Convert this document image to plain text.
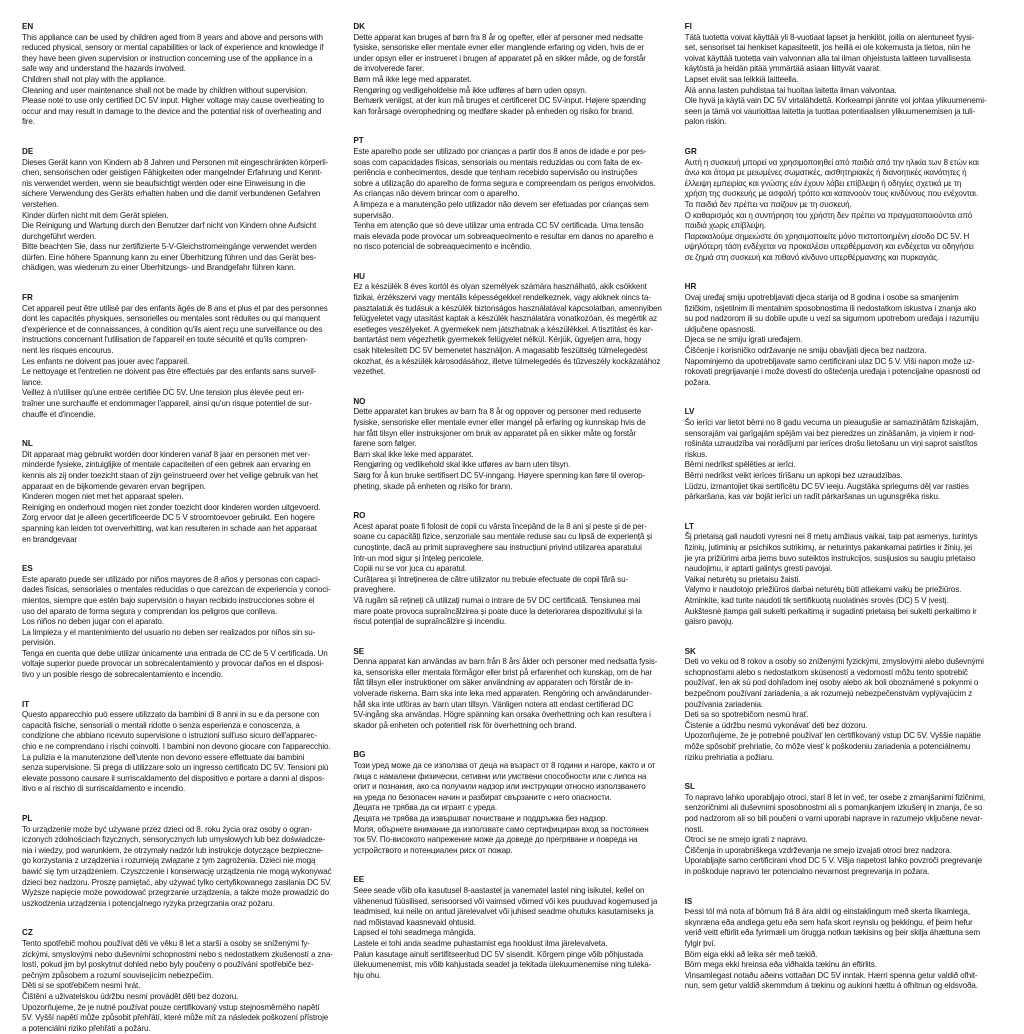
EN
This appliance can be used by children aged from 8 years and above and persons with
reduced physical, sensory or mental capabilities or lack of experience and knowledge if
they have been given supervision or instruction concerning use of the appliance in a
safe way and understand the hazards involved.
Children shall not play with the appliance.
Cleaning and user maintenance shall not be made by children without supervision.
Please note to use only certified DC 5V input. Higher voltage may cause overheating to
occur and may result in damage to the device and the potential risk of overheating and
fire.
DE
Dieses Gerät kann von Kindern ab 8 Jahren und Personen mit eingeschränkten körperli-
chen, sensorischen oder geistigen Fähigkeiten oder mangelnder Erfahrung und Kennt-
nis verwendet werden, wenn sie beaufsichtigt werden oder eine Einweisung in die
sichere Verwendung des Geräts erhalten haben und die damit verbundenen Gefahren
verstehen.
Kinder dürfen nicht mit dem Gerät spielen.
Die Reinigung und Wartung durch den Benutzer darf nicht von Kindern ohne Aufsicht
durchgeführt werden.
Bitte beachten Sie, dass nur zertifizierte 5-V-Gleichstromeingänge verwendet werden
dürfen. Eine höhere Spannung kann zu einer Überhitzung führen und das Gerät bes-
chädigen, was wiederum zu einer Überhitzungs- und Brandgefahr führen kann.
FR
Cet appareil peut être utilisé par des enfants âgés de 8 ans et plus et par des personnes
dont les capacités physiques, sensorielles ou mentales sont réduites ou qui manquent
d'expérience et de connaissances, à condition qu'ils aient reçu une surveillance ou des
instructions concernant l'utilisation de l'appareil en toute sécurité et qu'ils compren-
nent les risques encourus.
Les enfants ne doivent pas jouer avec l'appareil.
Le nettoyage et l'entretien ne doivent pas être effectués par des enfants sans surveil-
lance.
Veillez à n'utiliser qu'une entrée certifiée DC 5V. Une tension plus élevée peut en-
traîner une surchauffe et endommager l'appareil, ainsi qu'un risque potentiel de sur-
chauffe et d'incendie.
NL
Dit apparaat mag gebruikt worden door kinderen vanaf 8 jaar en personen met ver-
minderde fysieke, zintuiglijke of mentale capaciteiten of een gebrek aan ervaring en
kennis als zij onder toezicht staan of zijn geïnstrueerd over het veilige gebruik van het
apparaat en de bijkomende gevaren ervan begrijpen.
Kinderen mogen niet met het apparaat spelen.
Reiniging en onderhoud mogen niet zonder toezicht door kinderen worden uitgevoerd.
Zorg ervoor dat je alleen gecertificeerde DC 5 V stroomtoevoer gebruikt. Een hogere
spanning kan leiden tot oververhitting, wat kan resulteren in schade aan het apparaat
en brandgevaar
ES
Este aparato puede ser utilizado por niños mayores de 8 años y personas con capaci-
dades físicas, sensoriales o mentales reducidas o que carezcan de experiencia y conoci-
mientos, siempre que estén bajo supervisión o hayan recibido instrucciones sobre el
uso del aparato de forma segura y comprendan los peligros que conlleva.
Los niños no deben jugar con el aparato.
La limpieza y el mantenimiento del usuario no deben ser realizados por niños sin su-
pervisión.
Tenga en cuenta que debe utilizar únicamente una entrada de CC de 5 V certificada. Un
voltaje superior puede provocar un sobrecalentamiento y provocar daños en el disposi-
tivo y un posible riesgo de sobrecalentamiento e incendio.
IT
Questo apparecchio può essere utilizzato da bambini di 8 anni in su e da persone con
capacità fisiche, sensoriali o mentali ridotte o senza esperienza e conoscenza, a
condizione che abbiano ricevuto supervisione o istruzioni sull'uso sicuro dell'apparec-
chio e ne comprendano i rischi coinvolti. I bambini non devono giocare con l'apparecchio.
La pulizia e la manutenzione dell'utente non devono essere effettuate dai bambini
senza supervisione. Si prega di utilizzare solo un ingresso certificato DC 5V. Tensioni più
elevate possono causare il surriscaldamento del dispositivo e portare a danni al dispos-
itivo e al rischio di surriscaldamento e incendio.
PL
To urządzenie może być używane przez dzieci od 8. roku życia oraz osoby o ogran-
iczonych zdolnościach fizycznych, sensorycznych lub umysłowych lub bez doświadcze-
nia i wiedzy, pod warunkiem, że otrzymały nadzór lub instrukcje dotyczące bezpieczne-
go korzystania z urządzenia i rozumieją związane z tym zagrożenia. Dzieci nie mogą
bawić się tym urządzeniem. Czyszczenie i konserwację urządzenia nie mogą wykonywać
dzieci bez nadzoru. Proszę pamiętać, aby używać tylko certyfikowanego zasilania DC 5V.
Wyższe napięcie może powodować przegrzanie urządzenia, a także może prowadzić do
uszkodzenia urządzenia i potencjalnego ryzyka przegrzania oraz pożaru.
CZ
Tento spotřebič mohou používat děti ve věku 8 let a starší a osoby se sníženými fy-
zickými, smyslovými nebo duševními schopnostmi nebo s nedostatkem zkušeností a zna-
lostí, pokud jim byl poskytnut dohled nebo byly poučeny o používání spotřebiče bez-
pečným způsobem a rozumí souvisejícím nebezpečím.
Děti si se spotřebičem nesmí hrát.
Čištění a uživatelskou údržbu nesmí provádět děti bez dozoru.
Upozorňujeme, že je nutné používat pouze certifikovaný vstup stejnosměrného napětí
5V. Vyšší napětí může způsobit přehřátí, které může mít za následek poškození přístroje
a potenciální riziko přehřátí a požáru.
DK
Dette apparat kan bruges af børn fra 8 år og opefter, eller af personer med nedsatte
fysiske, sensoriske eller mentale evner eller manglende erfaring og viden, hvis de er
under opsyn eller er instrueret i brugen af apparatet på en sikker måde, og de forstår
de involverede farer.
Børn må ikke lege med apparatet.
Rengøring og vedligeholdelse må ikke udføres af børn uden opsyn.
Bemærk venligst, at der kun må bruges et certificeret DC 5V-input. Højere spænding
kan forårsage overophedning og medføre skader på enheden og risiko for brand.
PT
Este aparelho pode ser utilizado por crianças a partir dos 8 anos de idade e por pes-
soas com capacidades físicas, sensoriais ou mentais reduzidas ou com falta de ex-
periência e conhecimentos, desde que tenham recebido supervisão ou instruções
sobre a utilização do aparelho de forma segura e compreendam os perigos envolvidos.
As crianças não devem brincar com o aparelho.
A limpeza e a manutenção pelo utilizador não devem ser efetuadas por crianças sem
supervisão.
Tenha em atenção que só deve utilizar uma entrada CC 5V certificada. Uma tensão
mais elevada pode provocar um sobreaquecimento e resultar em danos no aparelho e
no risco potencial de sobreaquecimento e incêndio.
HU
Ez a készülék 8 éves kortól és olyan személyek számára használható, akik csökkent
fizikai, érzékszervi vagy mentális képességekkel rendelkeznek, vagy akiknek nincs ta-
pasztalatuk és tudásuk a készülék biztonságos használatával kapcsolatban, amennyiben
felügyeletet vagy utasítást kaptak a készülék használatára vonatkozóan, és megértik az
esetleges veszélyeket. A gyermekek nem játszhatnak a készülékkel. A tisztítást és kar-
bantartást nem végezhetik gyermekek felügyelet nélkül. Kérjük, ügyeljen arra, hogy
csak hitelesített DC 5V bemenetet használjon. A magasabb feszültség túlmelegedést
okozhat, és a készülék károsodásához, illetve túlmelegedés és tűzveszély kockázatához
vezethet.
NO
Dette apparatet kan brukes av barn fra 8 år og oppover og personer med reduserte
fysiske, sensoriske eller mentale evner eller mangel på erfaring og kunnskap hvis de
har fått tilsyn eller instruksjoner om bruk av apparatet på en sikker måte og forstår
farene som følger.
Barn skal ikke leke med apparatet.
Rengjøring og vedlikehold skal ikke utføres av barn uten tilsyn.
Sørg for å kun bruke sertifisert DC 5V-inngang. Høyere spenning kan føre til overop-
pheting, skade på enheten og risiko for brann.
RO
Acest aparat poate fi folosit de copii cu vârsta începând de la 8 ani și peste și de per-
soane cu capacități fizice, senzoriale sau mentale reduse sau cu lipsă de experiență și
cunoștințe, dacă au primit supraveghere sau instrucțiuni privind utilizarea aparatului
într-un mod sigur și înțeleg pericolele.
Copiii nu se vor juca cu aparatul.
Curățarea și întreținerea de către utilizator nu trebuie efectuate de copii fără su-
praveghere.
Vă rugăm să rețineți că utilizați numai o intrare de 5V DC certificată. Tensiunea mai
mare poate provoca supraîncălzirea și poate duce la deteriorarea dispozitivului și la
riscul potențial de supraîncălzire și incendiu.
SE
Denna apparat kan användas av barn från 8 års ålder och personer med nedsatta fysis-
ka, sensoriska eller mentala förmågor eller brist på erfarenhet och kunskap, om de har
fått tillsyn eller instruktioner om säker användning av apparaten och förstår de in-
volverade riskerna. Barn ska inte leka med apparaten. Rengöring och användarunder-
håll ska inte utföras av barn utan tillsyn. Vänligen notera att endast certifierad DC
5V-ingång ska användas. Högre spänning kan orsaka överhettning och kan resultera i
skador på enheten och potentiell risk för överhettning och brand.
BG
Този уред може да се използва от деца на възраст от 8 години и нагоре, както и от
лица с намалени физически, сетивни или умствени способности или с липса на
опит и познания, ако са получили надзор или инструкции относно използването
на уреда по безопасен начин и разбират свързаните с него опасности.
Децата не трябва да си играят с уреда.
Децата не трябва да извършват почистване и поддръжка без надзор.
Моля, обърнете внимание да използвате само сертифициран вход за постоянен
ток 5V. По-високото напрежение може да доведе до прегряване и повреда на
устройството и потенциален риск от пожар.
EE
Seee seade võib olla kasutusel 8-aastastel ja vanematel lastel ning isikutel, kellel on
vähenenud füüsilised, sensoorsed või vaimsed võimed või kes puuduvad kogemused ja
teadmised, kui neile on antud järelevalvet või juhised seadme ohutuks kasutamiseks ja
nad mõistavad kaasnevaid ohtusid.
Lapsed ei tohi seadmega mängida.
Lastele ei tohi anda seadme puhastamist ega hooldust ilma järelevalveta.
Palun kasutage ainult sertifitseeritud DC 5V sisendit. Kõrgem pinge võib põhjustada
ülekuumenemist, mis võib kahjustada seadet ja tekitada ülekuumenemise ning tuleka-
hju ohu.
FI
Tätä tuotetta voivat käyttää yli 8-vuotiaat lapset ja henkilöt, joilla on alentuneet fyysi-
set, sensoriset tai henkiset kapasiteetit, jos heillä ei ole kokemusta ja tietoa, niin he
voivat käyttää tuotetta vain valvonnan alla tai ilman ohjeistusta laitteen turvallisesta
käytöstä ja heidän pitää ymmärtää asiaan liittyvät vaarat.
Lapset eivät saa leikkiä laitteella.
Älä anna lasten puhdistaa tai huoltaa laitetta ilman valvontaa.
Ole hyvä ja käytä vain DC 5V virtalähdettä. Korkeampi jännite voi johtaa ylikuumenemi-
seen ja tämä voi vaurioittaa laitetta ja tuottaa potentiaalisen ylikuumenemisen ja tuli-
palon riskin.
GR
Αυτή η συσκευή μπορεί να χρησιμοποιηθεί από παιδιά από την ηλικία των 8 ετών και
άνω και άτομα με μειωμένες σωματικές, αισθητηριακές ή διανοητικές ικανότητες ή
έλλειψη εμπειρίας και γνώσης εάν έχουν λάβει επίβλεψη ή οδηγίες σχετικά με τη
χρήση της συσκευής με ασφαλή τρόπο και κατανοούν τους κινδύνους που ενέχονται.
Τα παιδιά δεν πρέπει να παίζουν με τη συσκευή.
Ο καθαρισμός και η συντήρηση του χρήστη δεν πρέπει να πραγματοποιούνται από
παιδιά χωρίς επίβλεψη.
Παρακαλούμε σημειώστε ότι χρησιμοποιείτε μόνο πιστοποιημένη είσοδο DC 5V. Η
υψηλότερη τάση ενδέχεται να προκαλέσει υπερθέρμανση και ενδέχεται να οδηγήσει
σε ζημιά στη συσκευή και πιθανό κίνδυνο υπερθέρμανσης και πυρκαγιάς.
HR
Ovaj uređaj smiju upotrebljavati djeca starija od 8 godina i osobe sa smanjenim
fizičkim, osjetilnim ili mentalnim sposobnostima ili nedostatkom iskustva i znanja ako
su pod nadzorom ili su dobile upute u vezi sa sigurnom upotrebom uređaja i razumiju
uključene opasnosti.
Djeca se ne smiju igrati uređajem.
Čišćenje i korisničko održavanje ne smiju obavljati djeca bez nadzora.
Napominjemo da upotrebljavate samo certificirani ulaz DC 5 V. Viši napon može uz-
rokovati pregrijavanje i može dovesti do oštećenja uređaja i potencijalne opasnosti od
požara.
LV
Šo ierīci var lietot bērni no 8 gadu vecuma un pieaugušie ar samazinātām fiziskajām,
sensorajām vai garīgajām spējām vai bez pieredzes un zināšanām, ja viņiem ir nod-
rošināta uzraudzība vai norādījumi par ierīces drošu lietošanu un viņi saprot saistītos
riskus.
Bērni nedrīkst spēlēties ar ierīci.
Bērni nedrīkst veikt ierīces tīrīšanu un apkopi bez uzraudzības.
Lūdzu, izmantojiet tikai sertificētu DC 5V ieeju. Augstāka spriegums dēļ var rasties
pārkaršana, kas var bojāt ierīci un radīt pārkaršanas un ugunsgrēka risku.
LT
Šį prietaisą gali naudoti vyresni nei 8 metų amžiaus vaikai, taip pat asmenys, turintys
fizinių, jutiminių ar psichikos sutrikimų, ar neturintys pakankamai patirties ir žinių, jei
jie yra prižiūrimi arba jiems buvo suteiktos instrukcijos, susijusios su saugiu prietaiso
naudojimu, ir aptarti galintys gresti pavojai.
Vaikai neturėtų su prietaisu žaisti.
Valymo ir naudotojo priežiūros darbai neturėtų būti atliekami vaikų be priežiūros.
Atminkite, kad turite naudoti tik sertifikuotą nuolatinės srovės (DC) 5 V įvestį.
Aukštesnė įtampa gali sukelti perkaitimą ir sugadinti prietaisą bei sukelti perkaitimo ir
gaisro pavojų.
SK
Deti vo veku od 8 rokov a osoby so zníženými fyzickými, zmyslovými alebo duševnými
schopnosťami alebo s nedostatkom skúseností a vedomostí môžu tento spotrebič
používať, len ak sú pod dohľadom inej osoby alebo ak boli oboznámené s pokynmi o
bezpečnom používaní zariadenia, a ak rozumejú nebezpečenstvám vyplývajúcim z
používania zariadenia.
Deti sa so spotrebičom nesmú hrať.
Čistenie a údržbu nesmú vykonávať deti bez dozoru.
Upozorňujeme, že je potrebné používať len certifikovaný vstup DC 5V. Vyššie napätie
môže spôsobiť prehriatie, čo môže viesť k poškodeniu zariadenia a potenciálnemu
riziku prehriatia a požiaru.
SL
To napravo lahko uporabljajo otroci, stari 8 let in več, ter osebe z zmanjšanimi fizičnimi,
senzoričnimi ali duševnimi sposobnostmi ali s pomanjkanjem izkušenj in znanja, če so
pod nadzorom ali so bili poučeni o varni uporabi naprave in razumejo vključene nevar-
nosti.
Otroci se ne smejo igrati z napravo.
Čiščenja in uporabniškega vzdrževanja ne smejo izvajati otroci brez nadzora.
Uporabljajte samo certificirani vhod DC 5 V. Višja napetost lahko povzroči pregrevanje
in poškoduje napravo ter potencialno nevarnost pregrevanja in požara.
IS
Þessi tól má nota af börnum frá 8 ára aldri og einstaklingum með skerta líkamlega,
skynræna eða andlega getu eða sem hafa skort reynslu og þekkingu, ef þeim hefur
verið veitt eftirlit eða fyrirmæli um örugga notkun tækisins og þeir skilja áhættuna sem
fylgir því.
Börn eiga ekki að leika sér með tækið.
Börn mega ekki hreinsa eða viðhalda tækinu án eftirlits.
Vinsamlegast notaðu aðeins vottaðan DC 5V inntak. Hærri spenna getur valdið ofhit-
nun, sem getur valdið skemmdum á tækinu og aukinni hættu á ofhitnun og eldsvoða.
